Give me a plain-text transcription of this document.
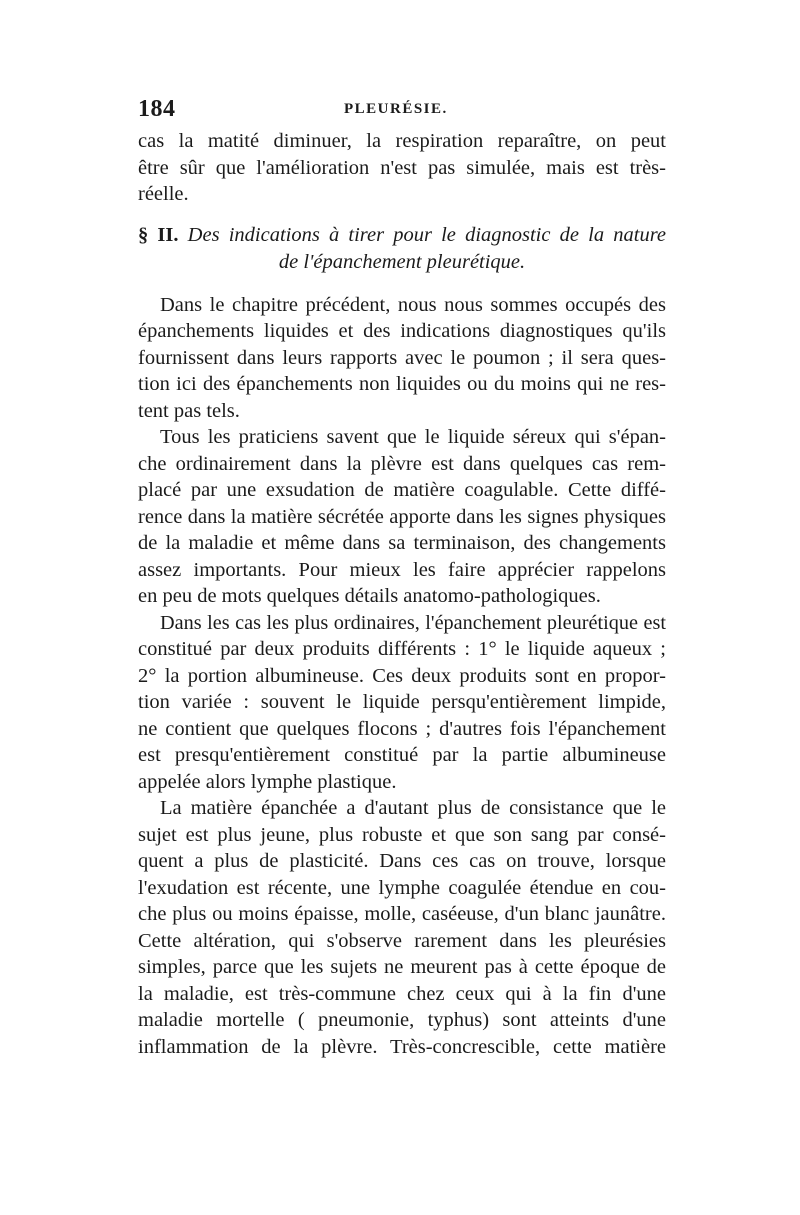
184	PLEURÉSIE.
cas la matité diminuer, la respiration reparaître, on peut
être sûr que l'amélioration n'est pas simulée, mais est très-
réelle.
§ II. Des indications à tirer pour le diagnostic de la nature
de l'épanchement pleurétique.
Dans le chapitre précédent, nous nous sommes occupés des
épanchements liquides et des indications diagnostiques qu'ils
fournissent dans leurs rapports avec le poumon ; il sera ques-
tion ici des épanchements non liquides ou du moins qui ne res-
tent pas tels.
Tous les praticiens savent que le liquide séreux qui s'épan-
che ordinairement dans la plèvre est dans quelques cas rem-
placé par une exsudation de matière coagulable. Cette diffé-
rence dans la matière sécrétée apporte dans les signes physiques
de la maladie et même dans sa terminaison, des changements
assez importants. Pour mieux les faire apprécier rappelons
en peu de mots quelques détails anatomo-pathologiques.
Dans les cas les plus ordinaires, l'épanchement pleurétique est
constitué par deux produits différents : 1° le liquide aqueux ;
2° la portion albumineuse. Ces deux produits sont en propor-
tion variée : souvent le liquide persqu'entièrement limpide,
ne contient que quelques flocons ; d'autres fois l'épanchement
est presqu'entièrement constitué par la partie albumineuse
appelée alors lymphe plastique.
La matière épanchée a d'autant plus de consistance que le
sujet est plus jeune, plus robuste et que son sang par consé-
quent a plus de plasticité. Dans ces cas on trouve, lorsque
l'exudation est récente, une lymphe coagulée étendue en cou-
che plus ou moins épaisse, molle, caséeuse, d'un blanc jaunâtre.
Cette altération, qui s'observe rarement dans les pleurésies
simples, parce que les sujets ne meurent pas à cette époque de
la maladie, est très-commune chez ceux qui à la fin d'une
maladie mortelle ( pneumonie, typhus) sont atteints d'une
inflammation de la plèvre. Très-concrescible, cette matière
